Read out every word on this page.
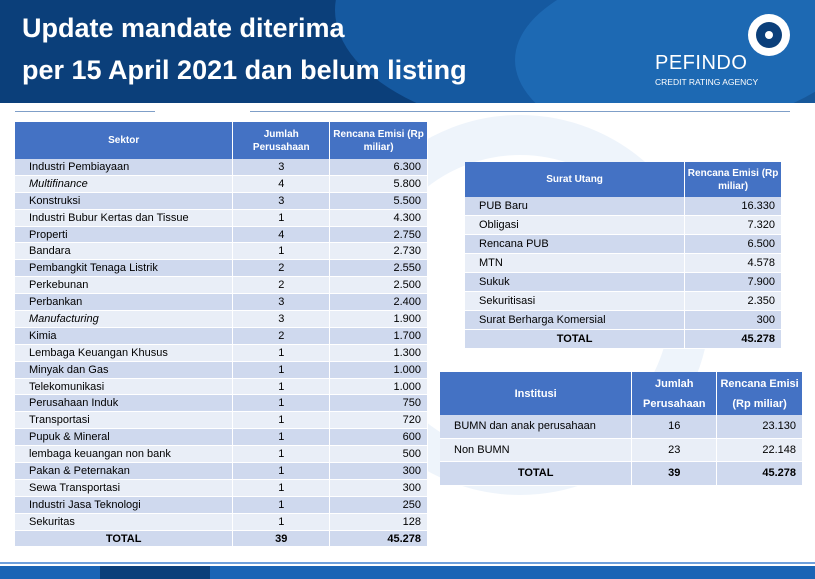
Update mandate diterima
per 15 April 2021 dan belum listing	PEFINDO
CREDIT RATING AGENCY
Sektor	Jumlah Perusahaan	Rencana Emisi (Rp miliar)
Industri Pembiayaan	3	6.300
Multifinance	4	5.800
Konstruksi	3	5.500
Industri Bubur Kertas dan Tissue	1	4.300
Properti	4	2.750
Bandara	1	2.730
Pembangkit Tenaga Listrik	2	2.550
Perkebunan	2	2.500
Perbankan	3	2.400
Manufacturing	3	1.900
Kimia	2	1.700
Lembaga Keuangan Khusus	1	1.300
Minyak dan Gas	1	1.000
Telekomunikasi	1	1.000
Perusahaan Induk	1	750
Transportasi	1	720
Pupuk & Mineral	1	600
lembaga keuangan non bank	1	500
Pakan & Peternakan	1	300
Sewa Transportasi	1	300
Industri Jasa Teknologi	1	250
Sekuritas	1	128
TOTAL	39	45.278
Surat Utang	Rencana Emisi (Rp miliar)
PUB Baru	16.330
Obligasi	7.320
Rencana PUB	6.500
MTN	4.578
Sukuk	7.900
Sekuritisasi	2.350
Surat Berharga Komersial	300
TOTAL	45.278
Institusi	Jumlah Perusahaan	Rencana Emisi (Rp miliar)
BUMN dan anak perusahaan	16	23.130
Non BUMN	23	22.148
TOTAL	39	45.278
